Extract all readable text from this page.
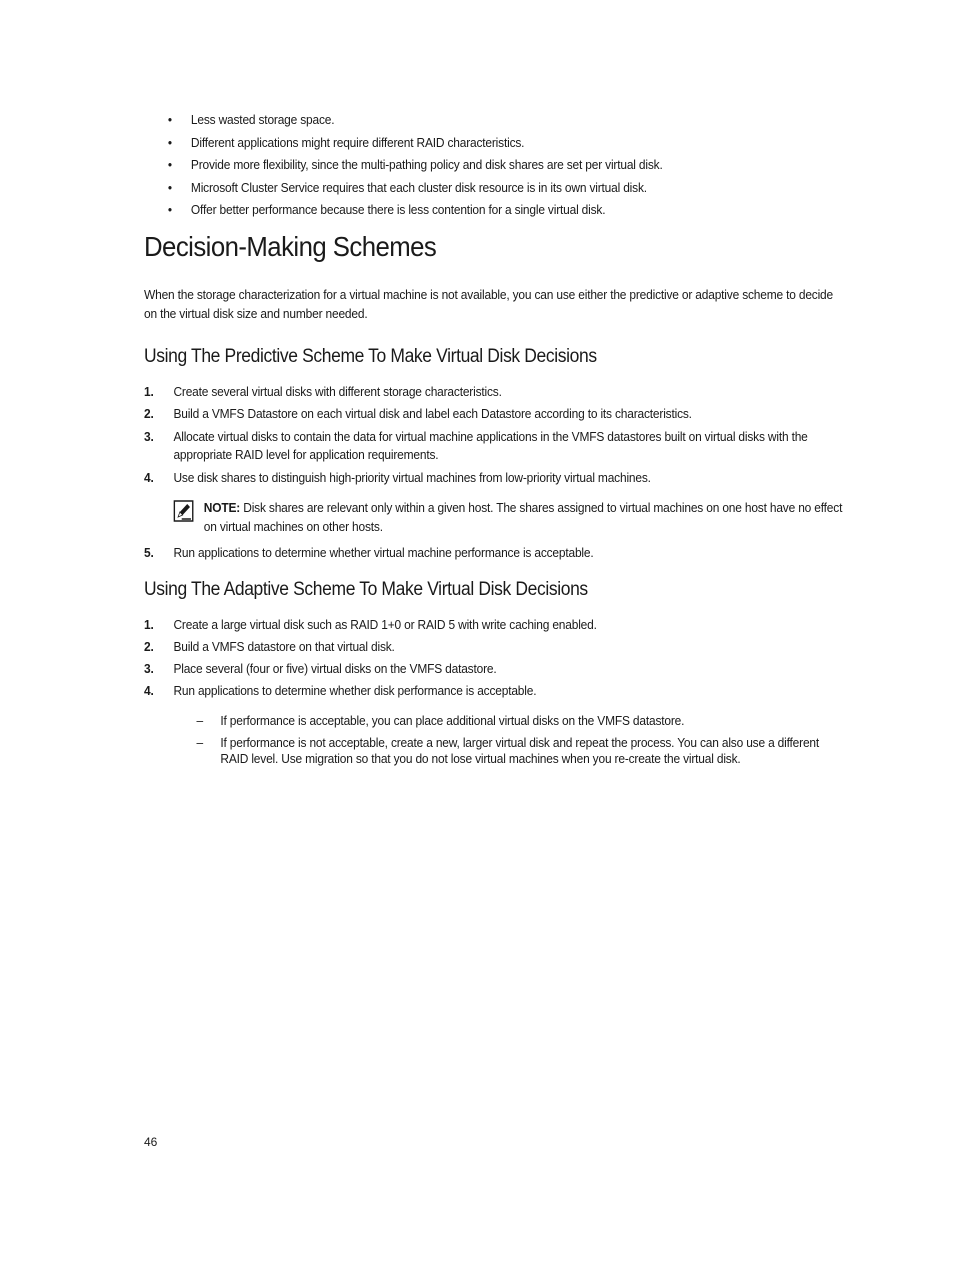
• Less wasted storage space.
• Different applications might require different RAID characteristics.
• Provide more flexibility, since the multi-pathing policy and disk shares are set per virtual disk.
• Microsoft Cluster Service requires that each cluster disk resource is in its own virtual disk.
• Offer better performance because there is less contention for a single virtual disk.
Decision-Making Schemes

When the storage characterization for a virtual machine is not available, you can use either the predictive or adaptive scheme to decide on the virtual disk size and number needed.

Using The Predictive Scheme To Make Virtual Disk Decisions
1. Create several virtual disks with different storage characteristics.
2. Build a VMFS Datastore on each virtual disk and label each Datastore according to its characteristics.
3. Allocate virtual disks to contain the data for virtual machine applications in the VMFS datastores built on virtual disks with the appropriate RAID level for application requirements.
4. Use disk shares to distinguish high-priority virtual machines from low-priority virtual machines.
NOTE: Disk shares are relevant only within a given host. The shares assigned to virtual machines on one host have no effect on virtual machines on other hosts.
5. Run applications to determine whether virtual machine performance is acceptable.
Using The Adaptive Scheme To Make Virtual Disk Decisions
1. Create a large virtual disk such as RAID 1+0 or RAID 5 with write caching enabled.
2. Build a VMFS datastore on that virtual disk.
3. Place several (four or five) virtual disks on the VMFS datastore.
4. Run applications to determine whether disk performance is acceptable.
– If performance is acceptable, you can place additional virtual disks on the VMFS datastore.
– If performance is not acceptable, create a new, larger virtual disk and repeat the process. You can also use a different RAID level. Use migration so that you do not lose virtual machines when you re-create the virtual disk.
46
